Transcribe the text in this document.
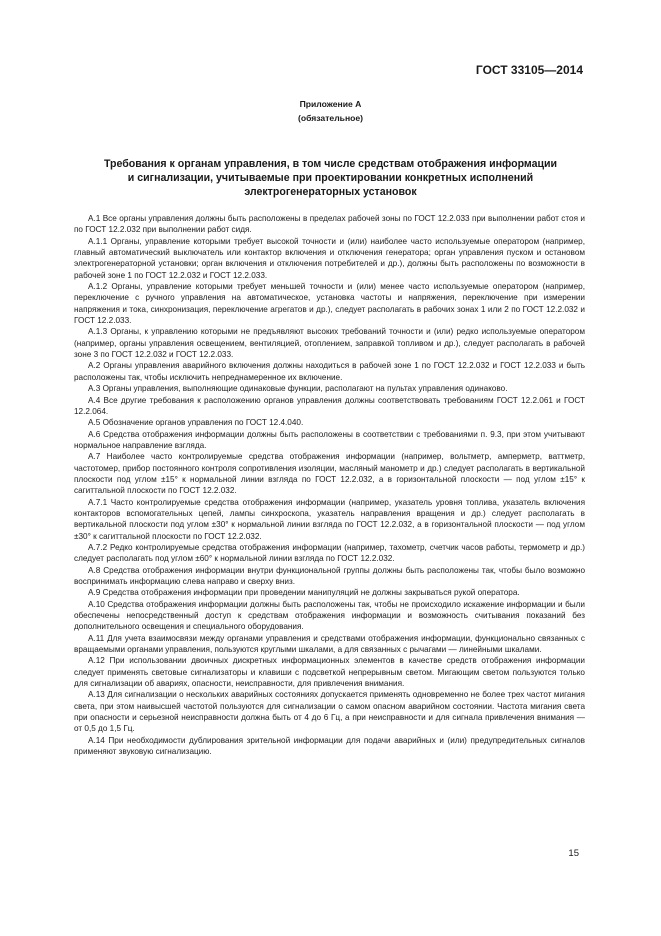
ГОСТ 33105—2014
Приложение А
(обязательное)
Требования к органам управления, в том числе средствам отображения информации
и сигнализации, учитываемые при проектировании конкретных исполнений
электрогенераторных установок

А.1 Все органы управления должны быть расположены в пределах рабочей зоны по ГОСТ 12.2.033 при выполнении работ стоя и по ГОСТ 12.2.032 при выполнении работ сидя.

А.1.1 Органы, управление которыми требует высокой точности и (или) наиболее часто используемые оператором (например, главный автоматический выключатель или контактор включения и отключения генератора; орган управления пуском и остановом электрогенераторной установки; орган включения и отключения потребителей и др.), должны быть расположены по возможности в рабочей зоне 1 по ГОСТ 12.2.032 и ГОСТ 12.2.033.

А.1.2 Органы, управление которыми требует меньшей точности и (или) менее часто используемые оператором (например, переключение с ручного управления на автоматическое, установка частоты и напряжения, переключение при измерении напряжения и тока, синхронизация, переключение агрегатов и др.), следует располагать в рабочих зонах 1 или 2 по ГОСТ 12.2.032 и ГОСТ 12.2.033.

А.1.3 Органы, к управлению которыми не предъявляют высоких требований точности и (или) редко используемые оператором (например, органы управления освещением, вентиляцией, отоплением, заправкой топливом и др.), следует располагать в рабочей зоне 3 по ГОСТ 12.2.032 и ГОСТ 12.2.033.

А.2 Органы управления аварийного включения должны находиться в рабочей зоне 1 по ГОСТ 12.2.032 и ГОСТ 12.2.033 и быть расположены так, чтобы исключить непреднамеренное их включение.

А.3 Органы управления, выполняющие одинаковые функции, располагают на пультах управления одинаково.

А.4 Все другие требования к расположению органов управления должны соответствовать требованиям ГОСТ 12.2.061 и ГОСТ 12.2.064.

А.5 Обозначение органов управления по ГОСТ 12.4.040.

А.6 Средства отображения информации должны быть расположены в соответствии с требованиями п. 9.3, при этом учитывают нормальное направление взгляда.

А.7 Наиболее часто контролируемые средства отображения информации (например, вольтметр, амперметр, ваттметр, частотомер, прибор постоянного контроля сопротивления изоляции, масляный манометр и др.) следует располагать в вертикальной плоскости под углом ±15° к нормальной линии взгляда по ГОСТ 12.2.032, а в горизонтальной плоскости — под углом ±15° к сагиттальной плоскости по ГОСТ 12.2.032.

А.7.1 Часто контролируемые средства отображения информации (например, указатель уровня топлива, указатель включения контакторов вспомогательных цепей, лампы синхроскопа, указатель направления вращения и др.) следует располагать в вертикальной плоскости под углом ±30° к нормальной линии взгляда по ГОСТ 12.2.032, а в горизонтальной плоскости — под углом ±30° к сагиттальной плоскости по ГОСТ 12.2.032.

А.7.2 Редко контролируемые средства отображения информации (например, тахометр, счетчик часов работы, термометр и др.) следует располагать под углом ±60° к нормальной линии взгляда по ГОСТ 12.2.032.

А.8 Средства отображения информации внутри функциональной группы должны быть расположены так, чтобы было возможно воспринимать информацию слева направо и сверху вниз.

А.9 Средства отображения информации при проведении манипуляций не должны закрываться рукой оператора.

А.10 Средства отображения информации должны быть расположены так, чтобы не происходило искажение информации и были обеспечены непосредственный доступ к средствам отображения информации и возможность считывания показаний без дополнительного освещения и специального оборудования.

А.11 Для учета взаимосвязи между органами управления и средствами отображения информации, функционально связанных с вращаемыми органами управления, пользуются круглыми шкалами, а для связанных с рычагами — линейными шкалами.

А.12 При использовании двоичных дискретных информационных элементов в качестве средств отображения информации следует применять световые сигнализаторы и клавиши с подсветкой непрерывным светом. Мигающим светом пользуются только для сигнализации об авариях, опасности, неисправности, для привлечения внимания.

А.13 Для сигнализации о нескольких аварийных состояниях допускается применять одновременно не более трех частот мигания света, при этом наивысшей частотой пользуются для сигнализации о самом опасном аварийном состоянии. Частота мигания света при опасности и серьезной неисправности должна быть от 4 до 6 Гц, а при неисправности и для сигнала привлечения внимания — от 0,5 до 1,5 Гц.

А.14 При необходимости дублирования зрительной информации для подачи аварийных и (или) предупредительных сигналов применяют звуковую сигнализацию.

15
